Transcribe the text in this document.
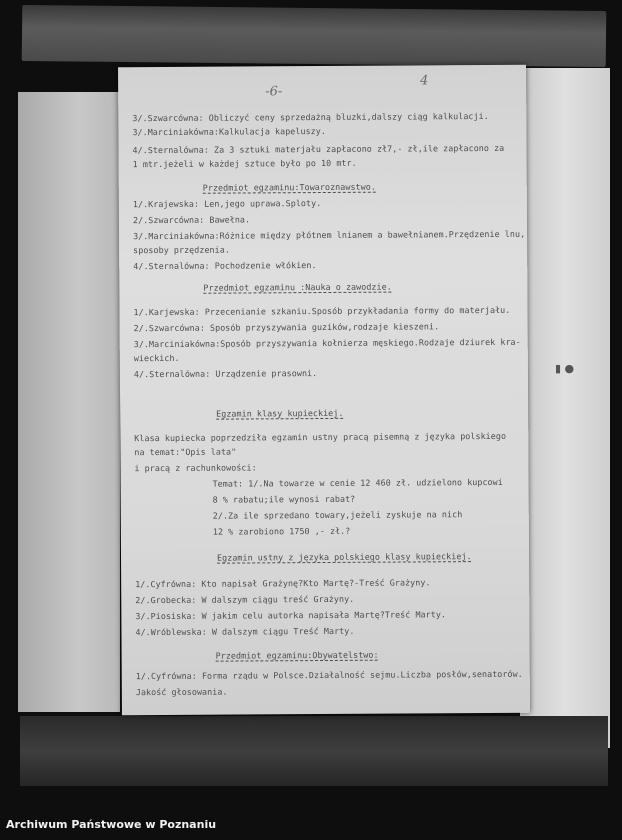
▮ ●
-6-
4
3/.Szwarcówna: Obliczyć ceny sprzedażną bluzki,dalszy ciąg kalkulacji.
3/.Marciniakówna:Kalkulacja kapeluszy.
4/.Sternalówna: Za 3 sztuki materjału zapłacono zł7,- zł,ile zapłacono za
1 mtr.jeżeli w każdej sztuce było po 10 mtr.
Przedmiot egzaminu:Towaroznawstwo.
1/.Krajewska: Len,jego uprawa.Sploty.
2/.Szwarcówna: Bawełna.
3/.Marciniakówna:Różnice między płótnem lnianem a bawełnianem.Przędzenie lnu,
sposoby przędzenia.
4/.Sternalówna: Pochodzenie włókien.
Przedmiot egzaminu :Nauka o zawodzie.
1/.Karjewska: Przecenianie szkaniu.Sposób przykładania formy do materjału.
2/.Szwarcówna: Sposób przyszywania guzików,rodzaje kieszeni.
3/.Marciniakówna:Sposób przyszywania kołnierza męskiego.Rodzaje dziurek kra-
wieckich.
4/.Sternalówna: Urządzenie prasowni.
Egzamin klasy kupieckiej.
Klasa kupiecka poprzedziła egzamin ustny pracą pisemną z języka polskiego
na temat:"Opis lata"
i pracą z rachunkowości:
Temat: 1/.Na towarze w cenie 12 460 zł. udzielono kupcowi
8 % rabatu;ile wynosi rabat?
2/.Za ile sprzedano towary,jeżeli zyskuje na nich
12 % zarobiono 1750 ,- zł.?
Egzamin ustny z języka polskiego klasy kupieckiej.
1/.Cyfrówna: Kto napisał Grażynę?Kto Martę?-Treść Grażyny.
2/.Grobecka: W dalszym ciągu treść Grażyny.
3/.Piosiska: W jakim celu autorka napisała Martę?Treść Marty.
4/.Wróblewska: W dalszym ciągu Treść Marty.
Przedmiot egzaminu:Obywatelstwo:
1/.Cyfrówna: Forma rządu w Polsce.Działalność sejmu.Liczba posłów,senatorów.
Jakość głosowania.
Archiwum Państwowe w Poznaniu
